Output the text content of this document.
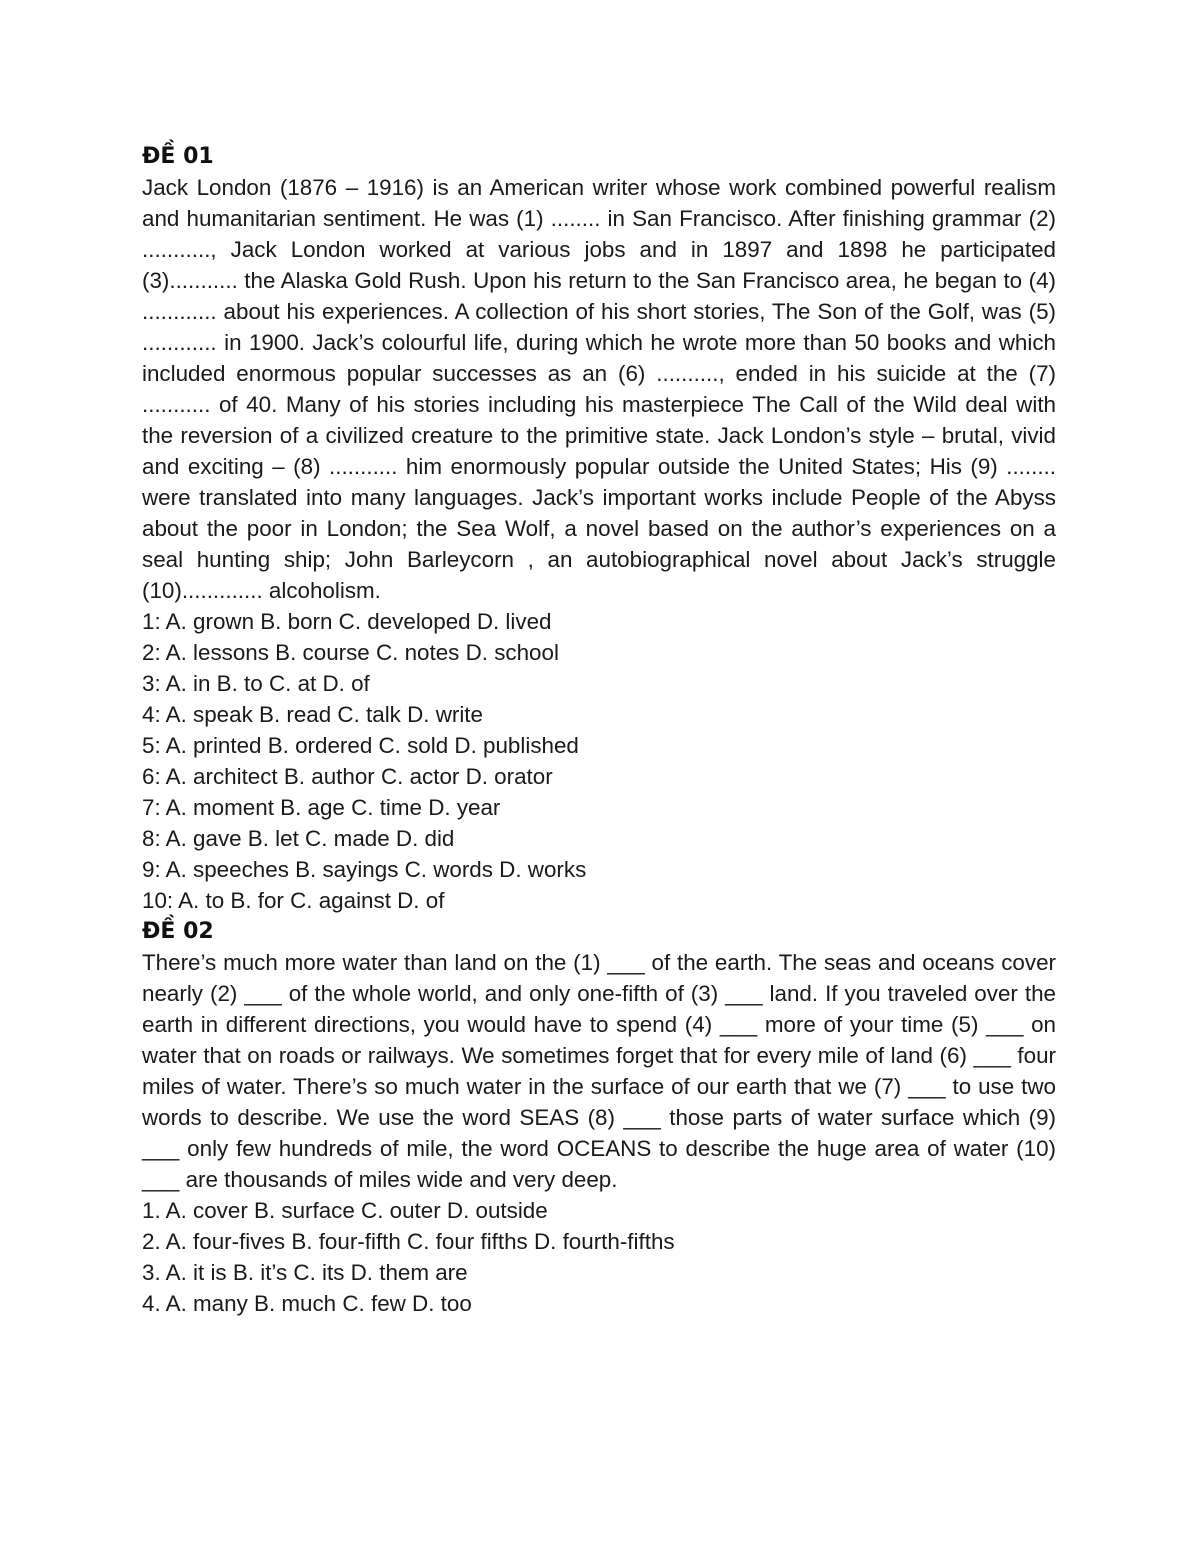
ĐỀ 01
Jack London (1876 – 1916) is an American writer whose work combined powerful realism and humanitarian sentiment. He was (1) ........ in San Francisco. After finishing grammar (2) ..........., Jack London worked at various jobs and in 1897 and 1898 he participated (3)........... the Alaska Gold Rush. Upon his return to the San Francisco area, he began to (4) ............ about his experiences. A collection of his short stories, The Son of the Golf, was (5) ............ in 1900. Jack’s colourful life, during which he wrote more than 50 books and which included enormous popular successes as an (6) .........., ended in his suicide at the (7) ........... of 40. Many of his stories including his masterpiece The Call of the Wild deal with the reversion of a civilized creature to the primitive state. Jack London’s style – brutal, vivid and exciting – (8) ........... him enormously popular outside the United States; His (9) ........ were translated into many languages. Jack’s important works include People of the Abyss about the poor in London; the Sea Wolf, a novel based on the author’s experiences on a seal hunting ship; John Barleycorn , an autobiographical novel about Jack’s struggle (10)............. alcoholism.
1: A. grown B. born C. developed D. lived
2: A. lessons B. course C. notes D. school
3: A. in B. to C. at D. of
4: A. speak B. read C. talk D. write
5: A. printed B. ordered C. sold D. published
6: A. architect B. author C. actor D. orator
7: A. moment B. age C. time D. year
8: A. gave B. let C. made D. did
9: A. speeches B. sayings C. words D. works
10: A. to B. for C. against D. of
ĐỀ 02
There’s much more water than land on the (1) ___ of the earth. The seas and oceans cover nearly (2) ___ of the whole world, and only one-fifth of (3) ___ land. If you traveled over the earth in different directions, you would have to spend (4) ___ more of your time (5) ___ on water that on roads or railways. We sometimes forget that for every mile of land (6) ___ four miles of water. There’s so much water in the surface of our earth that we (7) ___ to use two words to describe. We use the word SEAS (8) ___ those parts of water surface which (9) ___ only few hundreds of mile, the word OCEANS to describe the huge area of water (10) ___ are thousands of miles wide and very deep.
1. A. cover B. surface C. outer D. outside
2. A. four-fives B. four-fifth C. four fifths D. fourth-fifths
3. A. it is B. it’s C. its D. them are
4. A. many B. much C. few D. too
